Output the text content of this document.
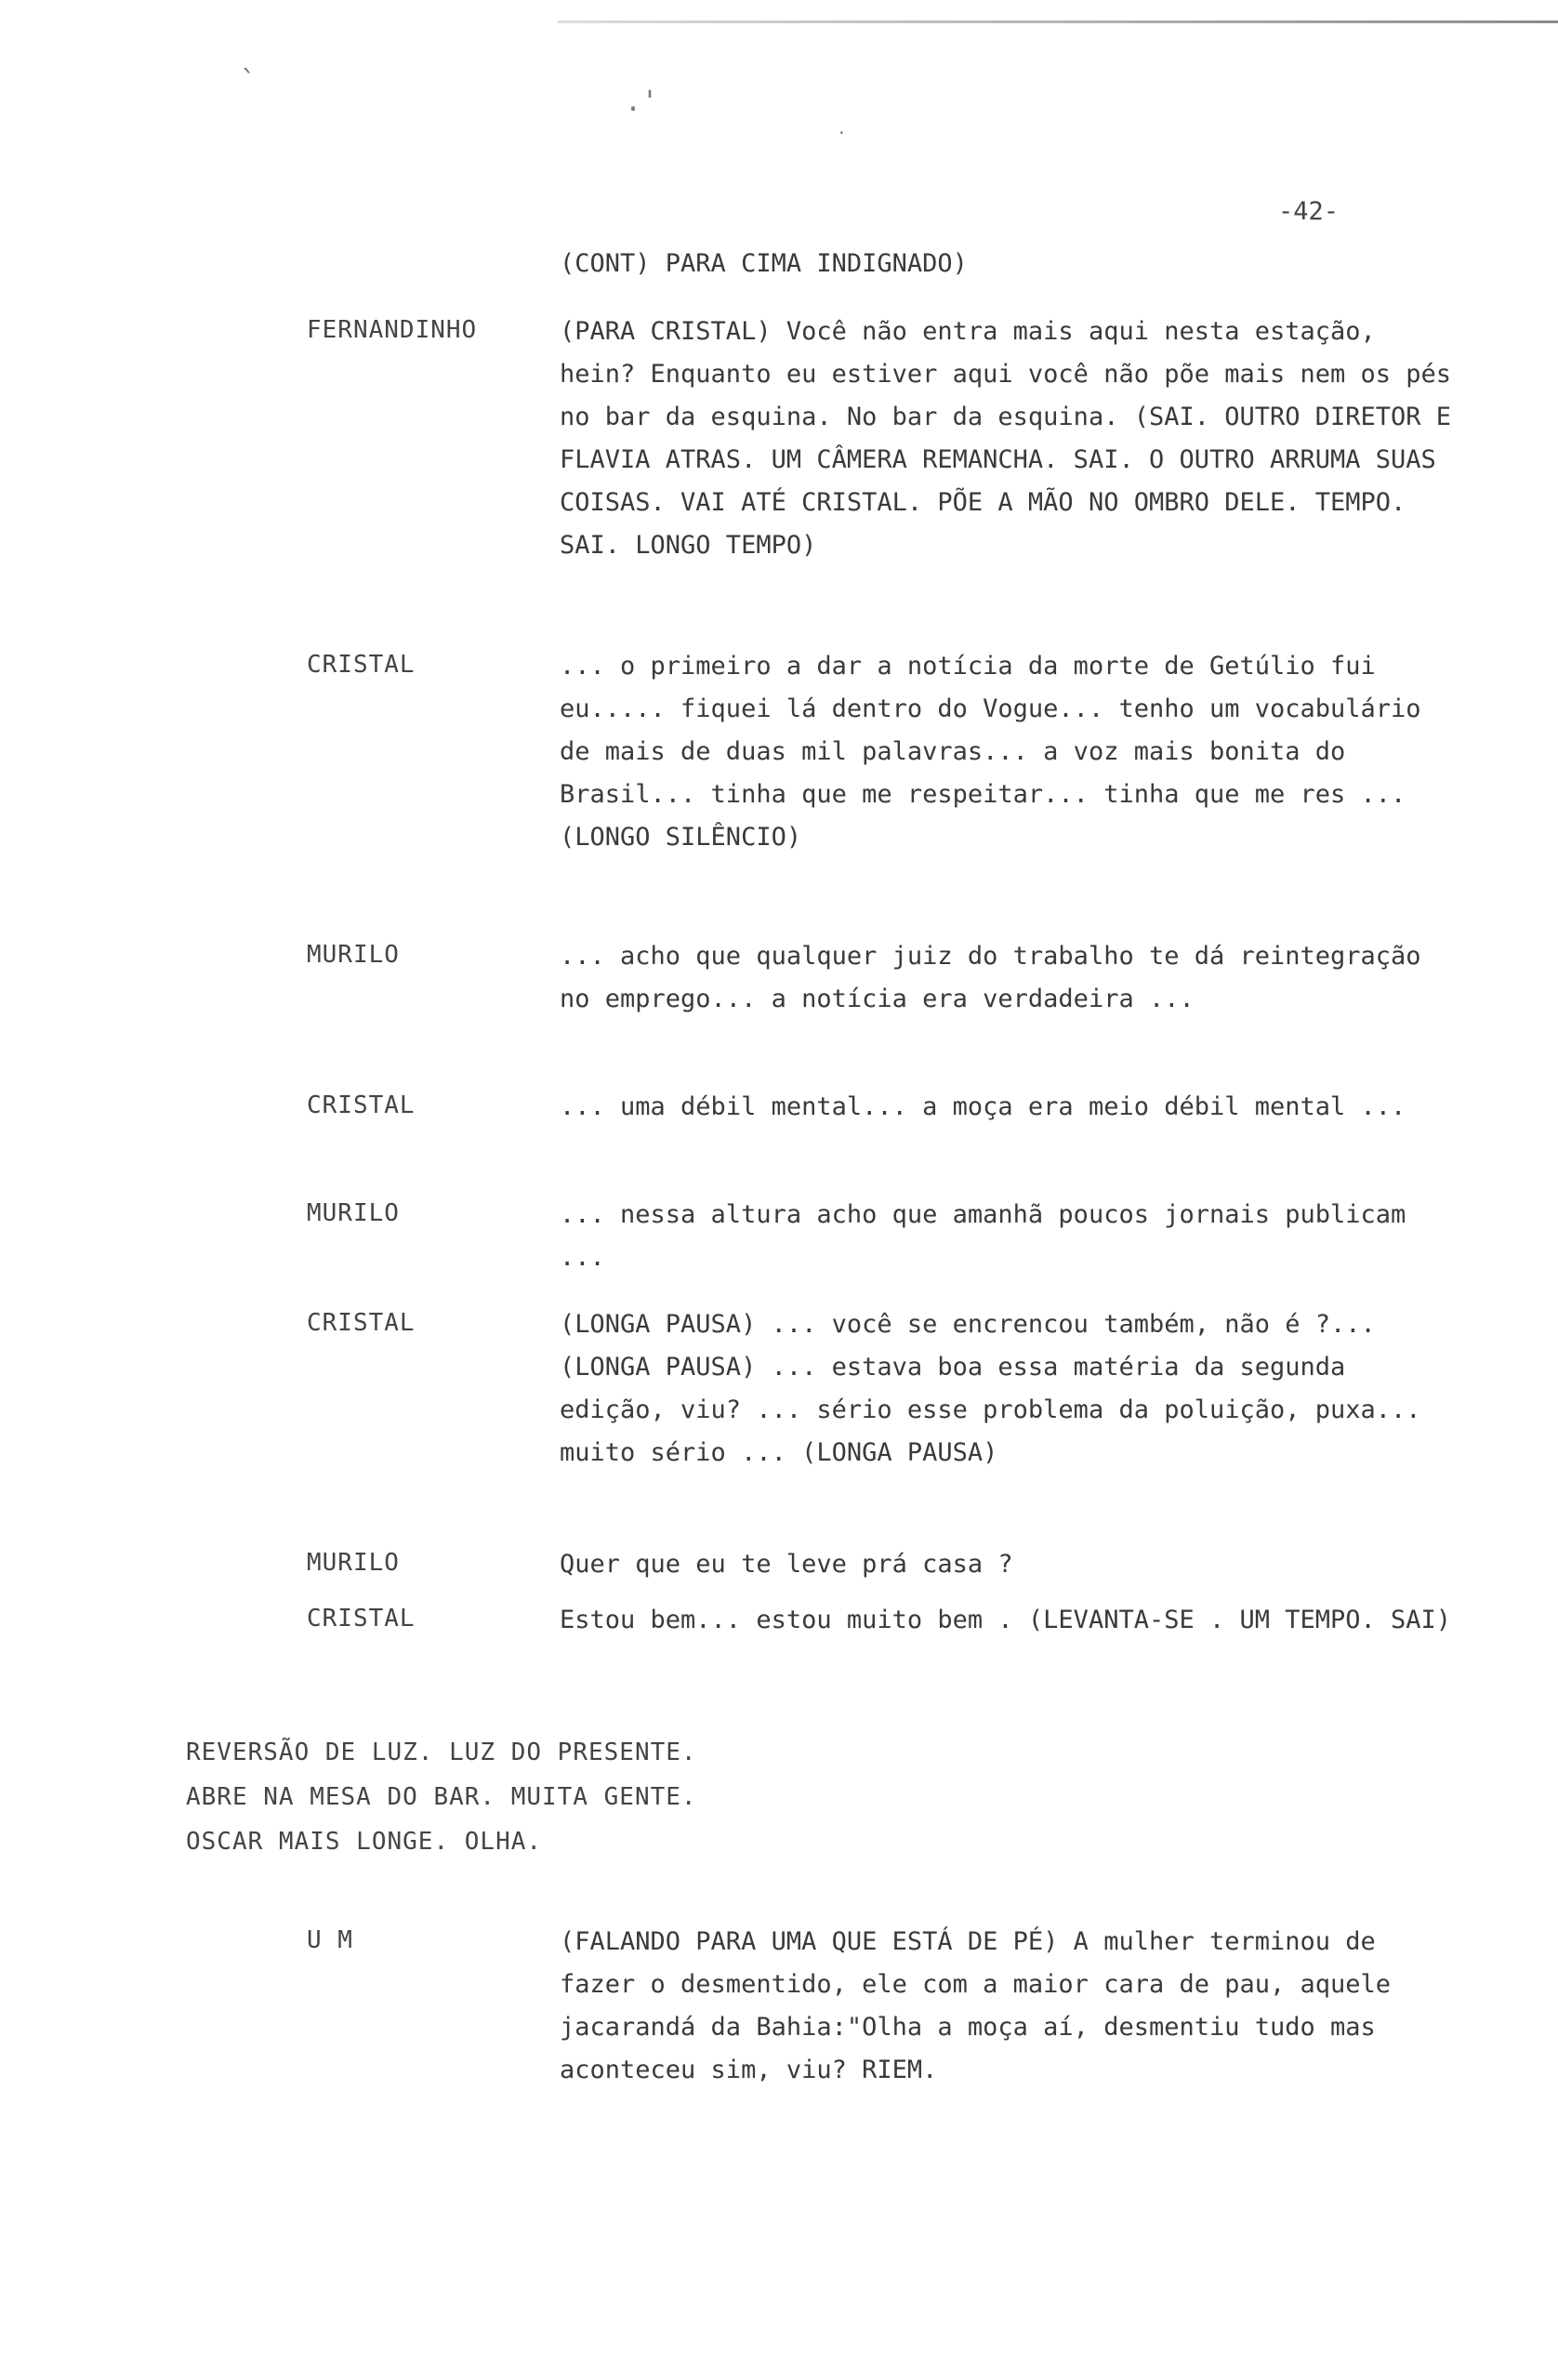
`
.'
.
-42-
(CONT) PARA CIMA INDIGNADO)
FERNANDINHO	(PARA CRISTAL) Você não entra mais aqui nesta estação, hein? Enquanto eu estiver aqui você não põe mais nem os pés no bar da esquina. No bar da esquina. (SAI. OUTRO DIRETOR E FLAVIA ATRAS. UM CÂMERA REMANCHA. SAI. O OUTRO ARRUMA SUAS COISAS. VAI ATÉ CRISTAL. PÕE A MÃO NO OMBRO DELE. TEMPO. SAI. LONGO TEMPO)
CRISTAL	... o primeiro a dar a notícia da morte de Getúlio fui eu..... fiquei lá dentro do Vogue... tenho um vocabulário de mais de duas mil palavras... a voz mais bonita do Brasil... tinha que me respeitar... tinha que me res ... (LONGO SILÊNCIO)
MURILO	... acho que qualquer juiz do trabalho te dá reintegração no emprego... a notícia era verdadeira ...
CRISTAL	... uma débil mental... a moça era meio débil mental ...
MURILO	... nessa altura acho que amanhã poucos jornais publicam ...
CRISTAL	(LONGA PAUSA) ... você se encrencou também, não é ?... (LONGA PAUSA) ... estava boa essa matéria da segunda edição, viu? ... sério esse problema da poluição, puxa... muito sério ... (LONGA PAUSA)
MURILO	Quer que eu te leve prá casa ?
CRISTAL	Estou bem... estou muito bem . (LEVANTA-SE . UM TEMPO. SAI)
REVERSÃO DE LUZ. LUZ DO PRESENTE.
ABRE NA MESA DO BAR. MUITA GENTE.
OSCAR MAIS LONGE. OLHA.
U M	(FALANDO PARA UMA QUE ESTÁ DE PÉ) A mulher terminou de fazer o desmentido, ele com a maior cara de pau, aquele jacarandá da Bahia:"Olha a moça aí, desmentiu tudo mas aconteceu sim, viu? RIEM.
